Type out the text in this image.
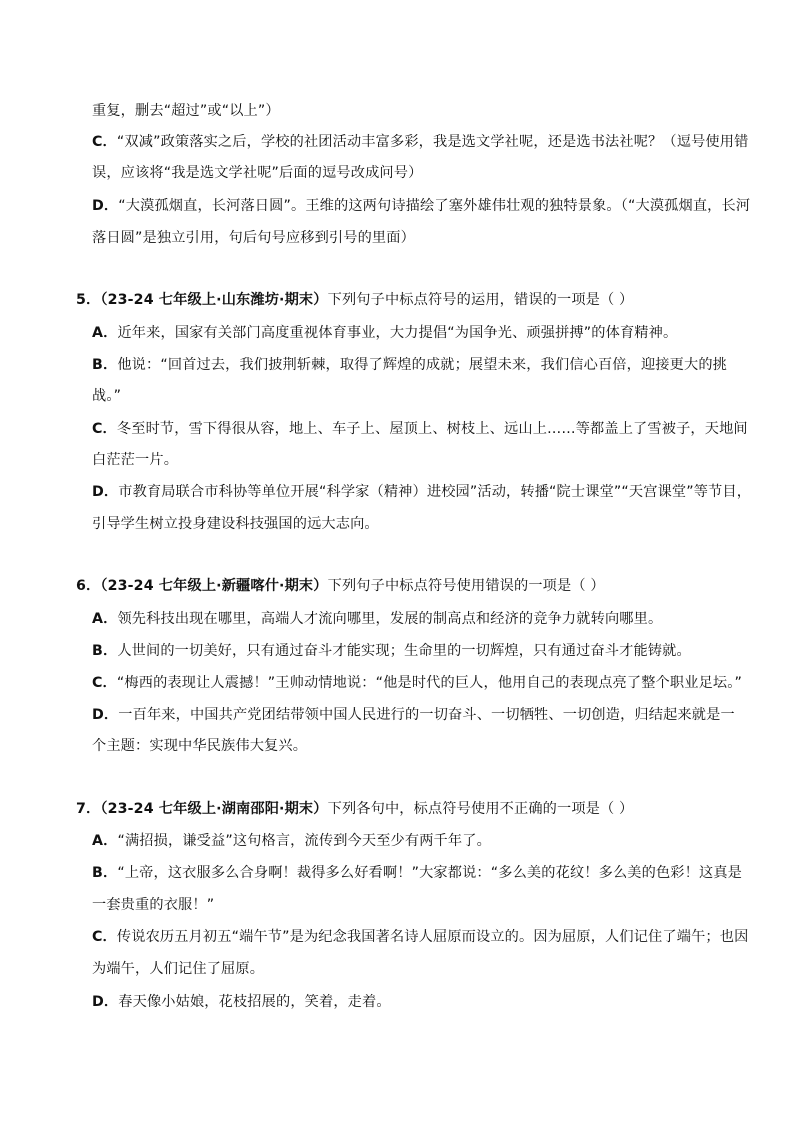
重复，删去“超过”或“以上”）
C．“双减”政策落实之后，学校的社团活动丰富多彩，我是选文学社呢，还是选书法社呢？（逗号使用错
误，应该将“我是选文学社呢”后面的逗号改成问号）
D．“大漠孤烟直，长河落日圆”。王维的这两句诗描绘了塞外雄伟壮观的独特景象。（“大漠孤烟直，长河
落日圆”是独立引用，句后句号应移到引号的里面）
5．（23-24 七年级上·山东潍坊·期末）下列句子中标点符号的运用，错误的一项是（ ）
A．近年来，国家有关部门高度重视体育事业，大力提倡“为国争光、顽强拼搏”的体育精神。
B．他说：“回首过去，我们披荆斩棘，取得了辉煌的成就；展望未来，我们信心百倍，迎接更大的挑
战。”
C．冬至时节，雪下得很从容，地上、车子上、屋顶上、树枝上、远山上……等都盖上了雪被子，天地间
白茫茫一片。
D．市教育局联合市科协等单位开展“科学家（精神）进校园”活动，转播“院士课堂”“天宫课堂”等节目，
引导学生树立投身建设科技强国的远大志向。
6．（23-24 七年级上·新疆喀什·期末）下列句子中标点符号使用错误的一项是（ ）
A．领先科技出现在哪里，高端人才流向哪里，发展的制高点和经济的竞争力就转向哪里。
B．人世间的一切美好，只有通过奋斗才能实现；生命里的一切辉煌，只有通过奋斗才能铸就。
C．“梅西的表现让人震撼！”王帅动情地说：“他是时代的巨人，他用自己的表现点亮了整个职业足坛。”
D．一百年来，中国共产党团结带领中国人民进行的一切奋斗、一切牺牲、一切创造，归结起来就是一
个主题：实现中华民族伟大复兴。
7．（23-24 七年级上·湖南邵阳·期末）下列各句中，标点符号使用不正确的一项是（ ）
A．“满招损，谦受益”这句格言，流传到今天至少有两千年了。
B．“上帝，这衣服多么合身啊！裁得多么好看啊！”大家都说：“多么美的花纹！多么美的色彩！这真是
一套贵重的衣服！”
C．传说农历五月初五“端午节”是为纪念我国著名诗人屈原而设立的。因为屈原，人们记住了端午；也因
为端午，人们记住了屈原。
D．春天像小姑娘，花枝招展的，笑着，走着。
